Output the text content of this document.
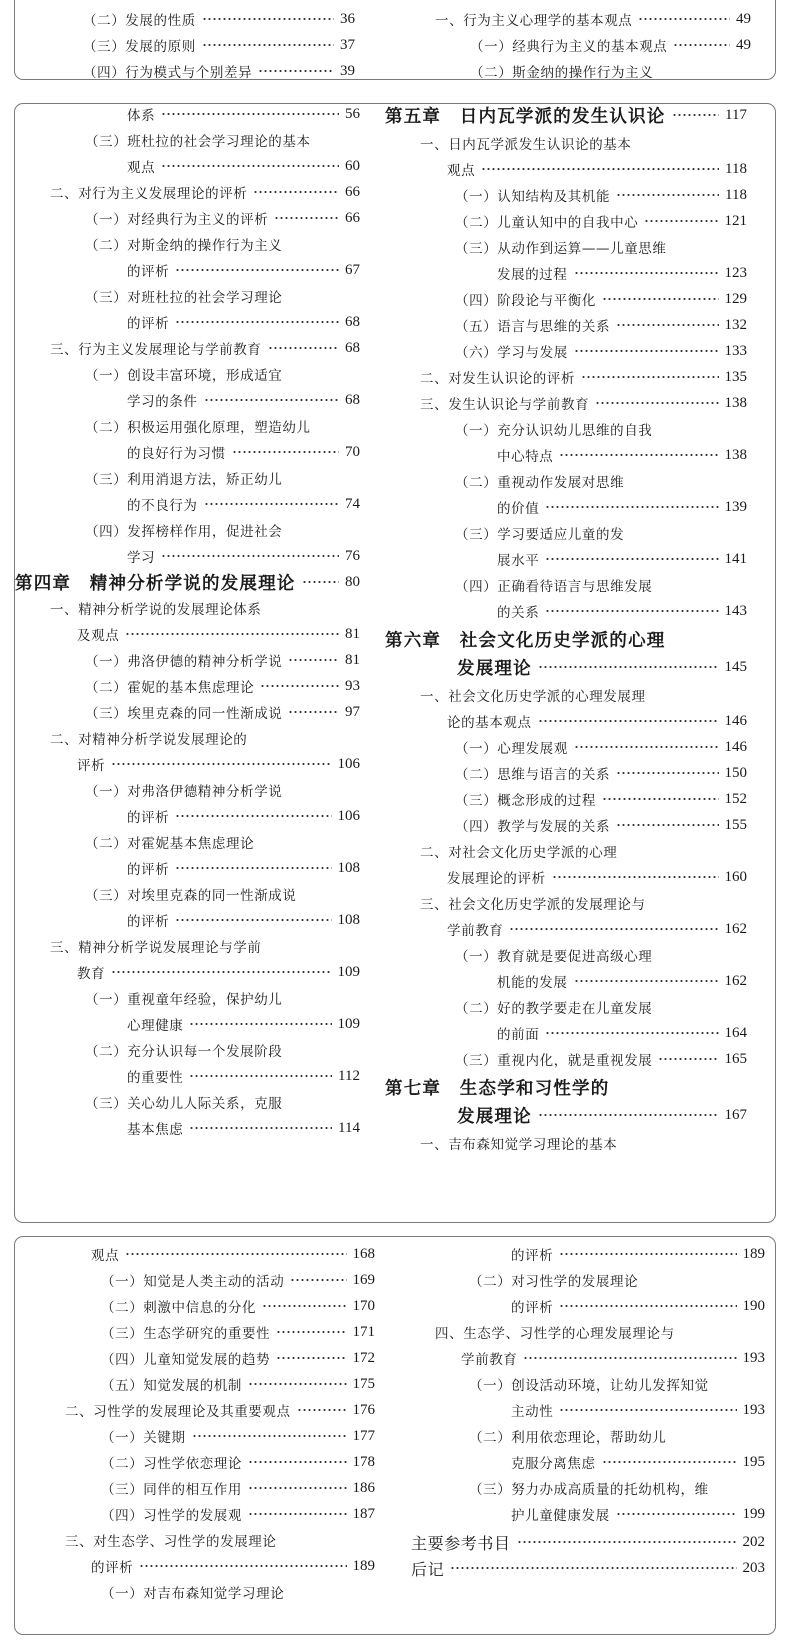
（二）发展的性质	36
（三）发展的原则	37
（四）行为模式与个别差异	39
一、行为主义心理学的基本观点	49
（一）经典行为主义的基本观点	49
（二）斯金纳的操作行为主义
体系	56
（三）班杜拉的社会学习理论的基本
观点	60
二、对行为主义发展理论的评析	66
（一）对经典行为主义的评析	66
（二）对斯金纳的操作行为主义
的评析	67
（三）对班杜拉的社会学习理论
的评析	68
三、行为主义发展理论与学前教育	68
（一）创设丰富环境，形成适宜
学习的条件	68
（二）积极运用强化原理，塑造幼儿
的良好行为习惯	70
（三）利用消退方法，矫正幼儿
的不良行为	74
（四）发挥榜样作用，促进社会
学习	76
第四章　精神分析学说的发展理论	80
一、精神分析学说的发展理论体系
及观点	81
（一）弗洛伊德的精神分析学说	81
（二）霍妮的基本焦虑理论	93
（三）埃里克森的同一性渐成说	97
二、对精神分析学说发展理论的
评析	106
（一）对弗洛伊德精神分析学说
的评析	106
（二）对霍妮基本焦虑理论
的评析	108
（三）对埃里克森的同一性渐成说
的评析	108
三、精神分析学说发展理论与学前
教育	109
（一）重视童年经验，保护幼儿
心理健康	109
（二）充分认识每一个发展阶段
的重要性	112
（三）关心幼儿人际关系，克服
基本焦虑	114
第五章　日内瓦学派的发生认识论	117
一、日内瓦学派发生认识论的基本
观点	118
（一）认知结构及其机能	118
（二）儿童认知中的自我中心	121
（三）从动作到运算——儿童思维
发展的过程	123
（四）阶段论与平衡化	129
（五）语言与思维的关系	132
（六）学习与发展	133
二、对发生认识论的评析	135
三、发生认识论与学前教育	138
（一）充分认识幼儿思维的自我
中心特点	138
（二）重视动作发展对思维
的价值	139
（三）学习要适应儿童的发
展水平	141
（四）正确看待语言与思维发展
的关系	143
第六章　社会文化历史学派的心理
发展理论	145
一、社会文化历史学派的心理发展理
论的基本观点	146
（一）心理发展观	146
（二）思维与语言的关系	150
（三）概念形成的过程	152
（四）教学与发展的关系	155
二、对社会文化历史学派的心理
发展理论的评析	160
三、社会文化历史学派的发展理论与
学前教育	162
（一）教育就是要促进高级心理
机能的发展	162
（二）好的教学要走在儿童发展
的前面	164
（三）重视内化，就是重视发展	165
第七章　生态学和习性学的
发展理论	167
一、吉布森知觉学习理论的基本
观点	168
（一）知觉是人类主动的活动	169
（二）刺激中信息的分化	170
（三）生态学研究的重要性	171
（四）儿童知觉发展的趋势	172
（五）知觉发展的机制	175
二、习性学的发展理论及其重要观点	176
（一）关键期	177
（二）习性学依恋理论	178
（三）同伴的相互作用	186
（四）习性学的发展观	187
三、对生态学、习性学的发展理论
的评析	189
（一）对吉布森知觉学习理论
的评析	189
（二）对习性学的发展理论
的评析	190
四、生态学、习性学的心理发展理论与
学前教育	193
（一）创设活动环境，让幼儿发挥知觉
主动性	193
（二）利用依恋理论，帮助幼儿
克服分离焦虑	195
（三）努力办成高质量的托幼机构，维
护儿童健康发展	199
主要参考书目	202
后记	203
